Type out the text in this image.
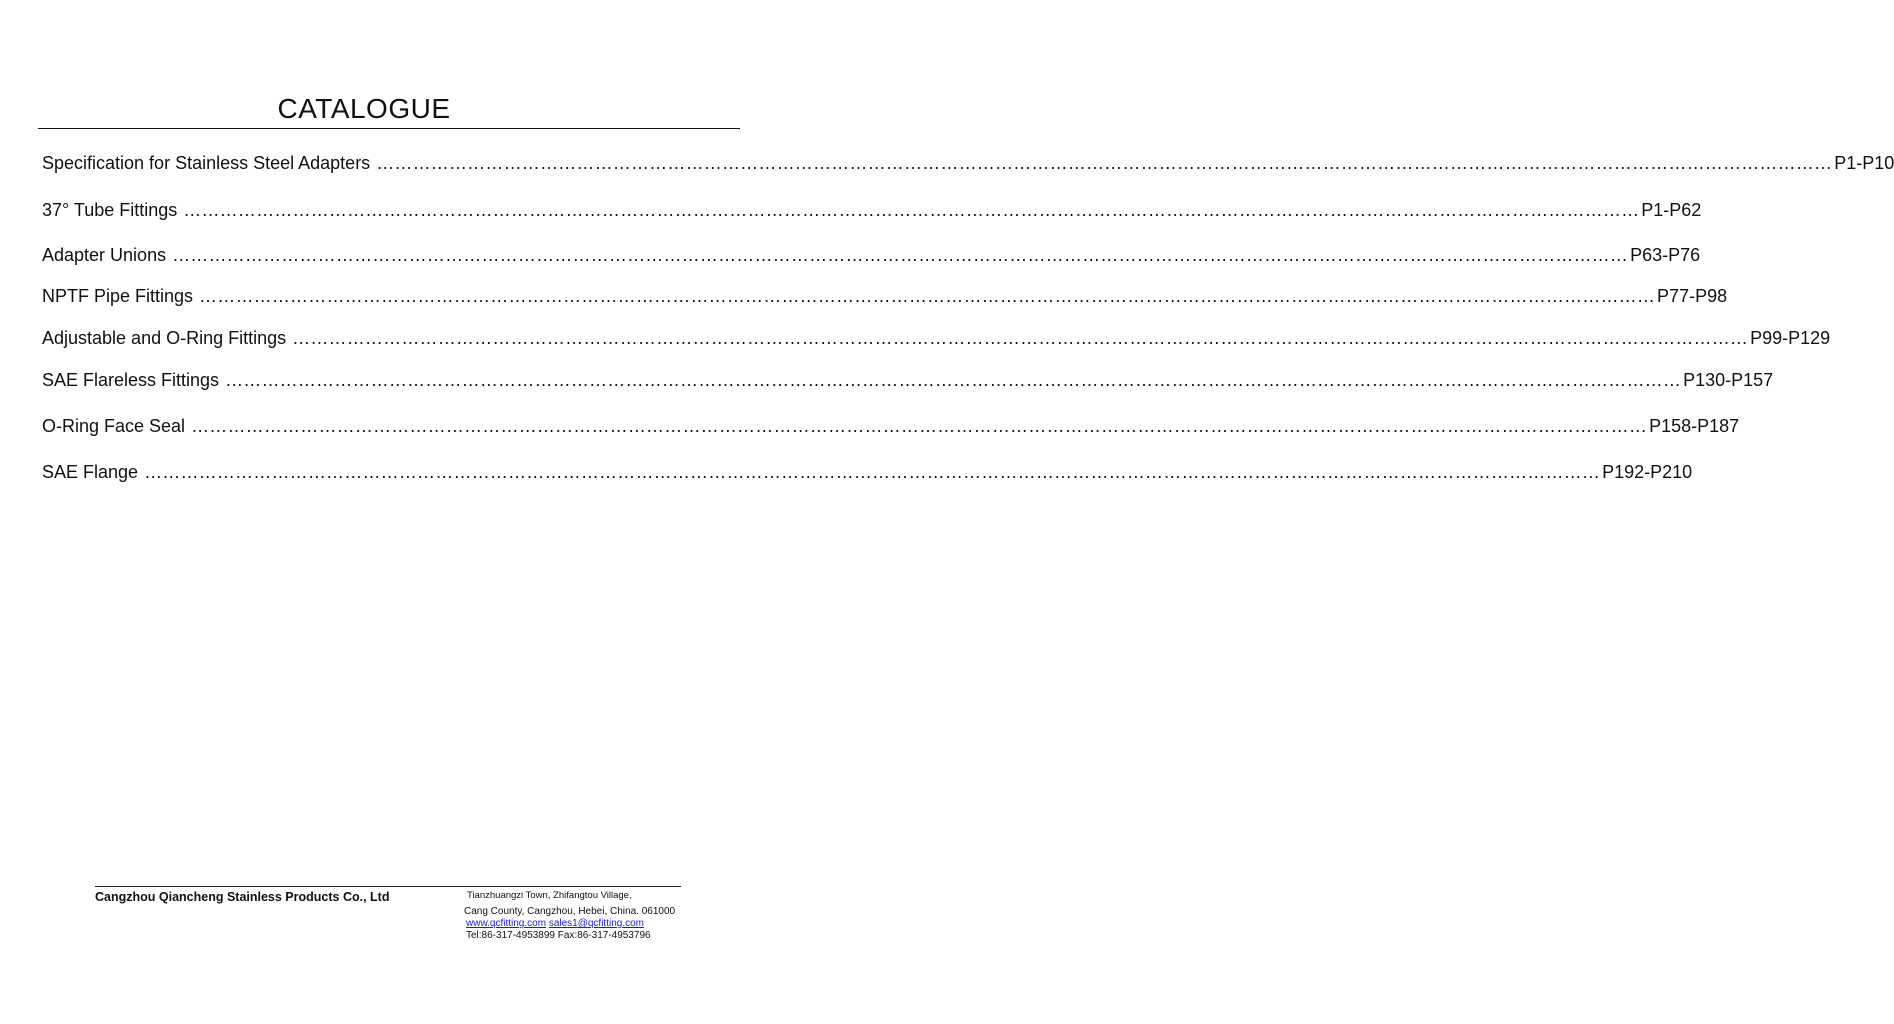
CATALOGUE
Specification for Stainless Steel Adapters …………………………………………………………………………………………………………………………………………………………………………………………………………………… P1-P10
37° Tube Fittings …………………………………………………………………………………………………………………………………………………………………………………………………………………… P1-P62
Adapter Unions …………………………………………………………………………………………………………………………………………………………………………………………………………………… P63-P76
NPTF Pipe Fittings …………………………………………………………………………………………………………………………………………………………………………………………………………………… P77-P98
Adjustable and O-Ring Fittings …………………………………………………………………………………………………………………………………………………………………………………………………………………… P99-P129
SAE Flareless Fittings …………………………………………………………………………………………………………………………………………………………………………………………………………………… P130-P157
O-Ring Face Seal …………………………………………………………………………………………………………………………………………………………………………………………………………………… P158-P187
SAE Flange …………………………………………………………………………………………………………………………………………………………………………………………………………………… P192-P210
Cangzhou Qiancheng Stainless Products Co., Ltd	Tianzhuangzi Town, Zhifangtou Village,
Cang County, Cangzhou, Hebei, China. 061000
www.qcfitting.com sales1@qcfitting.com
Tel:86-317-4953899 Fax:86-317-4953796
